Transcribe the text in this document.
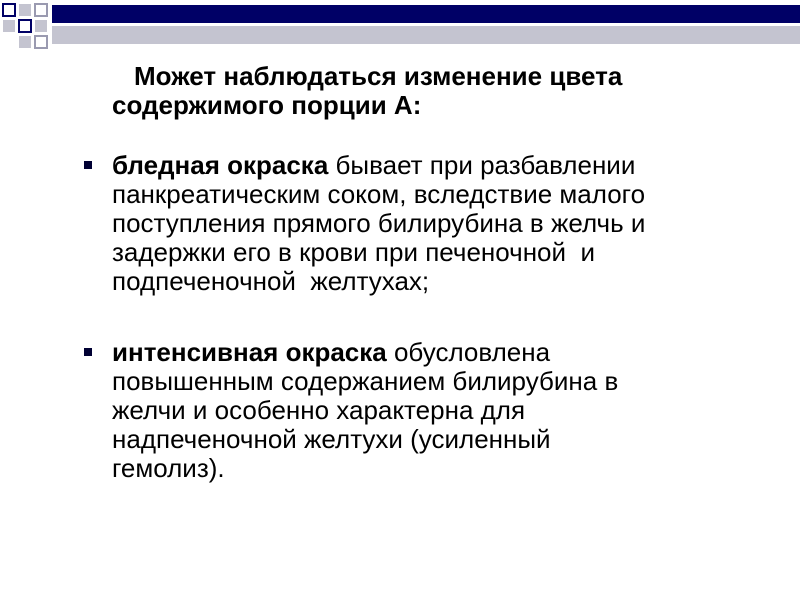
Может наблюдаться изменение цвета
содержимого порции А:
бледная окраска бывает при разбавлении
панкреатическим соком, вследствие малого
поступления прямого билирубина в желчь и
задержки его в крови при печеночной  и
подпеченочной  желтухах;
интенсивная окраска обусловлена
повышенным содержанием билирубина в
желчи и особенно характерна для
надпеченочной желтухи (усиленный
гемолиз).
